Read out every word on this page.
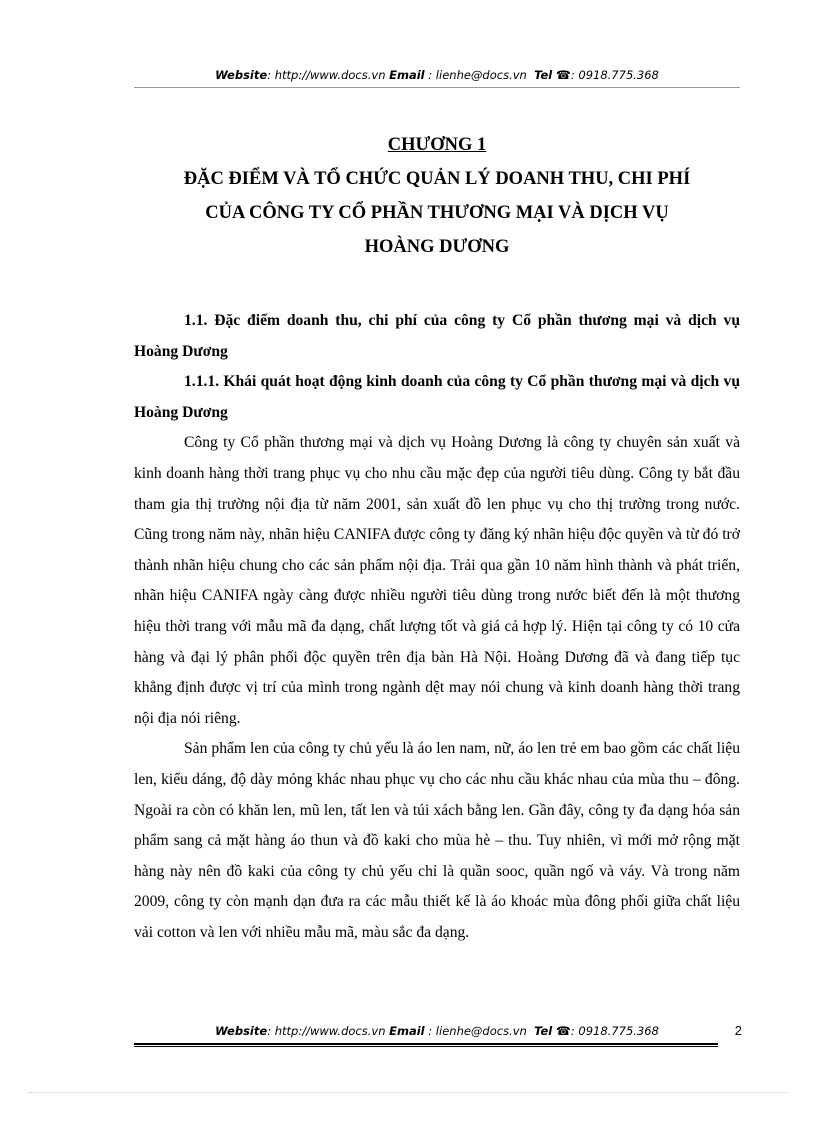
Website: http://www.docs.vn Email : lienhe@docs.vn Tel ☎: 0918.775.368
CHƯƠNG 1
ĐẶC ĐIỂM VÀ TỔ CHỨC QUẢN LÝ DOANH THU, CHI PHÍ
CỦA CÔNG TY CỔ PHẦN THƯƠNG MẠI VÀ DỊCH VỤ
HOÀNG DƯƠNG

1.1. Đặc điểm doanh thu, chi phí của công ty Cổ phần thương mại và dịch vụ Hoàng Dương

1.1.1. Khái quát hoạt động kinh doanh của công ty Cổ phần thương mại và dịch vụ Hoàng Dương

Công ty Cổ phần thương mại và dịch vụ Hoàng Dương là công ty chuyên sản xuất và kinh doanh hàng thời trang phục vụ cho nhu cầu mặc đẹp của người tiêu dùng. Công ty bắt đầu tham gia thị trường nội địa từ năm 2001, sản xuất đồ len phục vụ cho thị trường trong nước. Cũng trong năm này, nhãn hiệu CANIFA được công ty đăng ký nhãn hiệu độc quyền và từ đó trở thành nhãn hiệu chung cho các sản phẩm nội địa. Trải qua gần 10 năm hình thành và phát triển, nhãn hiệu CANIFA ngày càng được nhiều người tiêu dùng trong nước biết đến là một thương hiệu thời trang với mẫu mã đa dạng, chất lượng tốt và giá cả hợp lý. Hiện tại công ty có 10 cửa hàng và đại lý phân phối độc quyền trên địa bàn Hà Nội. Hoàng Dương đã và đang tiếp tục khẳng định được vị trí của mình trong ngành dệt may nói chung và kinh doanh hàng thời trang nội địa nói riêng.

Sản phẩm len của công ty chủ yếu là áo len nam, nữ, áo len trẻ em bao gồm các chất liệu len, kiểu dáng, độ dày mỏng khác nhau phục vụ cho các nhu cầu khác nhau của mùa thu – đông. Ngoài ra còn có khăn len, mũ len, tất len và túi xách bằng len. Gần đây, công ty đa dạng hóa sản phẩm sang cả mặt hàng áo thun và đồ kaki cho mùa hè – thu. Tuy nhiên, vì mới mở rộng mặt hàng này nên đồ kaki của công ty chủ yếu chỉ là quần sooc, quần ngố và váy. Và trong năm 2009, công ty còn mạnh dạn đưa ra các mẫu thiết kế là áo khoác mùa đông phối giữa chất liệu vải cotton và len với nhiều mẫu mã, màu sắc đa dạng.

Website: http://www.docs.vn Email : lienhe@docs.vn Tel ☎: 0918.775.368	2
